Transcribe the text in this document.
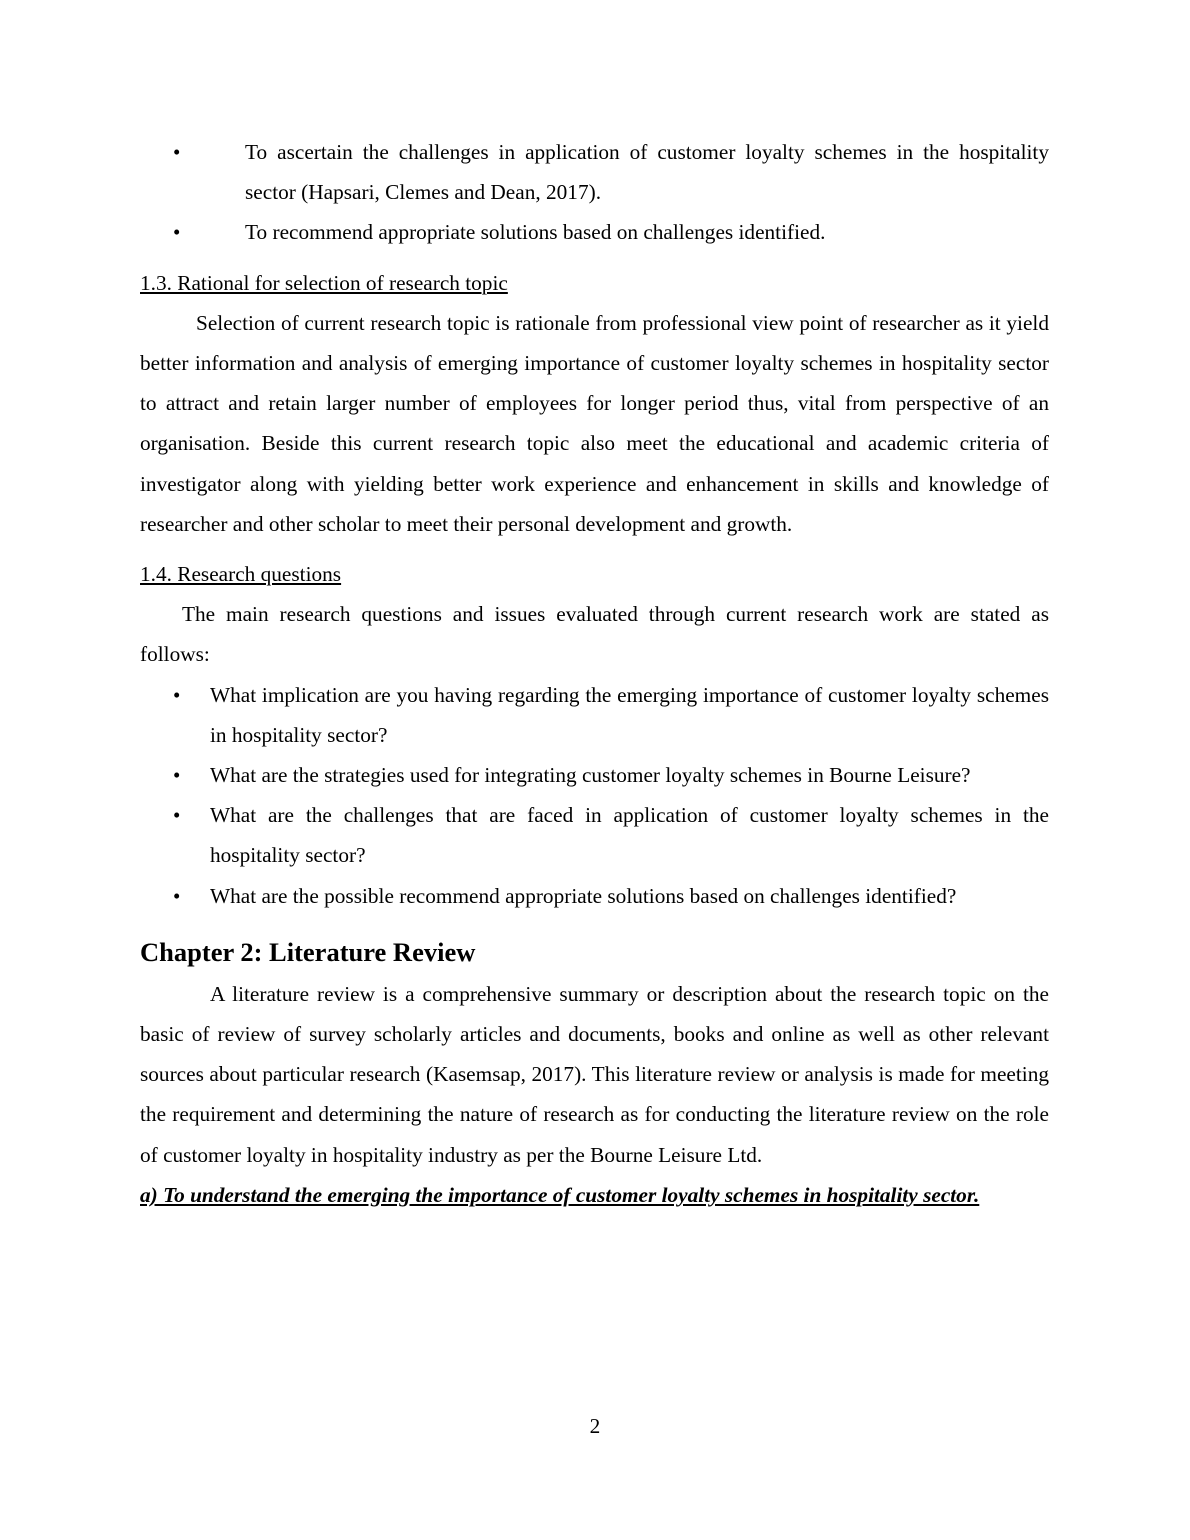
•	To ascertain the challenges in application of customer loyalty schemes in the hospitality sector (Hapsari, Clemes and Dean, 2017).
•	To recommend appropriate solutions based on challenges identified.
1.3. Rational for selection of research topic

Selection of current research topic is rationale from professional view point of researcher as it yield better information and analysis of emerging importance of customer loyalty schemes in hospitality sector to attract and retain larger number of employees for longer period thus, vital from perspective of an organisation. Beside this current research topic also meet the educational and academic criteria of investigator along with yielding better work experience and enhancement in skills and knowledge of researcher and other scholar to meet their personal development and growth.

1.4. Research questions

The main research questions and issues evaluated through current research work are stated as follows:

• What implication are you having regarding the emerging importance of customer loyalty schemes in hospitality sector?
• What are the strategies used for integrating customer loyalty schemes in Bourne Leisure?
• What are the challenges that are faced in application of customer loyalty schemes in the hospitality sector?
• What are the possible recommend appropriate solutions based on challenges identified?
Chapter 2: Literature Review

A literature review is a comprehensive summary or description about the research topic on the basic of review of survey scholarly articles and documents, books and online as well as other relevant sources about particular research (Kasemsap, 2017). This literature review or analysis is made for meeting the requirement and determining the nature of research as for conducting the literature review on the role of customer loyalty in hospitality industry as per the Bourne Leisure Ltd.

a) To understand the emerging the importance of customer loyalty schemes in hospitality sector.

2
